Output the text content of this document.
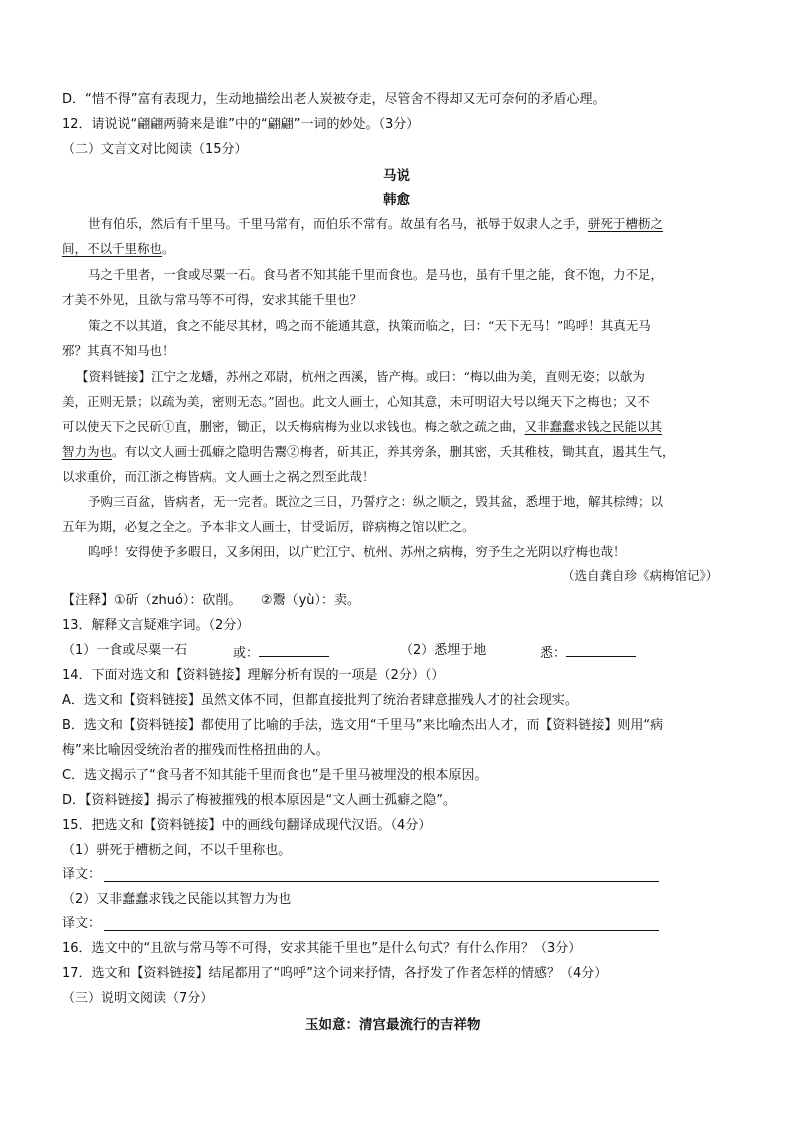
D．“惜不得”富有表现力，生动地描绘出老人炭被夺走，尽管舍不得却又无可奈何的矛盾心理。
12．请说说“翩翩两骑来是谁”中的“翩翩”一词的妙处。（3分）
（二）文言文对比阅读（15分）
马说
韩愈
世有伯乐，然后有千里马。千里马常有，而伯乐不常有。故虽有名马，祇辱于奴隶人之手，骈死于槽枥之
间，不以千里称也。
马之千里者，一食或尽粟一石。食马者不知其能千里而食也。是马也，虽有千里之能，食不饱，力不足，
才美不外见，且欲与常马等不可得，安求其能千里也？
策之不以其道，食之不能尽其材，鸣之而不能通其意，执策而临之，曰：“天下无马！”呜呼！其真无马
邪？其真不知马也！
【资料链接】江宁之龙蟠，苏州之邓尉，杭州之西溪，皆产梅。或曰：“梅以曲为美，直则无姿；以欹为
美，正则无景；以疏为美，密则无态。”固也。此文人画士，心知其意，未可明诏大号以绳天下之梅也；又不
可以使天下之民斫①直，删密，锄正，以夭梅病梅为业以求钱也。梅之欹之疏之曲，又非蠢蠢求钱之民能以其
智力为也。有以文人画士孤癖之隐明告鬻②梅者，斫其正，养其旁条，删其密，夭其稚枝，锄其直，遏其生气，
以求重价，而江浙之梅皆病。文人画士之祸之烈至此哉！
予购三百盆，皆病者，无一完者。既泣之三日，乃誓疗之：纵之顺之，毁其盆，悉埋于地，解其棕缚；以
五年为期，必复之全之。予本非文人画士，甘受诟厉，辟病梅之馆以贮之。
呜呼！安得使予多暇日，又多闲田，以广贮江宁、杭州、苏州之病梅，穷予生之光阴以疗梅也哉！
（选自龚自珍《病梅馆记》）
【注释】①斫（zhuó）：砍削。　　②鬻（yù）：卖。
13．解释文言疑难字词。（2分）
（1）一食或尽粟一石	或：	（2）悉埋于地	悉：
14．下面对选文和【资料链接】理解分析有误的一项是（2分）（）
A．选文和【资料链接】虽然文体不同，但都直接批判了统治者肆意摧残人才的社会现实。
B．选文和【资料链接】都使用了比喻的手法，选文用“千里马”来比喻杰出人才，而【资料链接】则用“病
梅”来比喻因受统治者的摧残而性格扭曲的人。
C．选文揭示了“食马者不知其能千里而食也”是千里马被埋没的根本原因。
D．【资料链接】揭示了梅被摧残的根本原因是“文人画士孤癖之隐”。
15．把选文和【资料链接】中的画线句翻译成现代汉语。（4分）
（1）骈死于槽枥之间，不以千里称也。
译文：
（2）又非蠢蠢求钱之民能以其智力为也
译文：
16．选文中的“且欲与常马等不可得，安求其能千里也”是什么句式？有什么作用？（3分）
17．选文和【资料链接】结尾都用了“呜呼”这个词来抒情，各抒发了作者怎样的情感？（4分）
（三）说明文阅读（7分）
玉如意：清宫最流行的吉祥物
